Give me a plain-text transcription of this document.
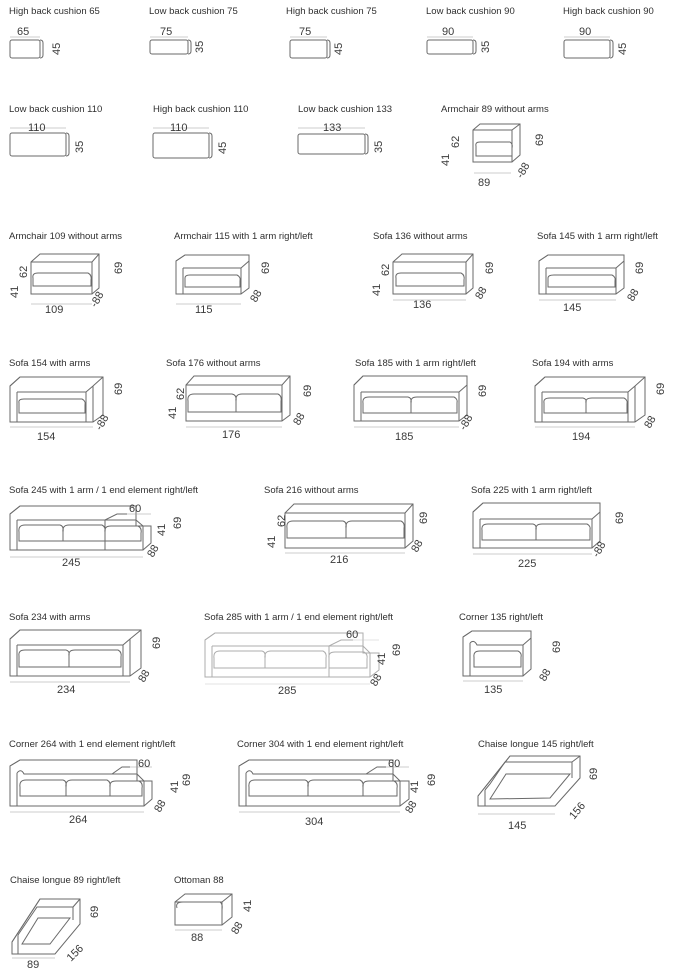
High back cushion 65
65
45
Low back cushion 75
75
35
High back cushion 75
75
45
Low back cushion 90
90
35
High back cushion 90
90
45
Low back cushion 110
110
35
High back cushion 110
110
45
Low back cushion 133
133
35
Armchair 89 without arms
62
41
69
89
-88
Armchair 109 without arms
62
41
69
109
-88
Armchair 115 with 1 arm right/left
69
115
88
Sofa 136 without arms
62
41
69
136
88
Sofa 145 with 1 arm right/left
69
145
88
Sofa 154 with arms
69
154
-88
Sofa 176 without arms
62
41
69
176
88
Sofa 185 with 1 arm right/left
69
185
-88
Sofa 194 with arms
69
194
88
Sofa 245 with 1 arm / 1 end element right/left
60
41
69
245
88
Sofa 216 without arms
62
41
69
216
88
Sofa 225 with 1 arm right/left
69
225
-88
Sofa 234 with arms
69
234
88
Sofa 285 with 1 arm / 1 end element right/left
60
41
69
285
88
Corner 135 right/left
69
135
88
Corner 264 with 1 end element right/left
60
41
69
264
88
Corner 304 with 1 end element right/left
60
41
69
304
88
Chaise longue 145 right/left
69
145
156
Chaise longue 89 right/left
69
89
156
Ottoman 88
41
88
88
